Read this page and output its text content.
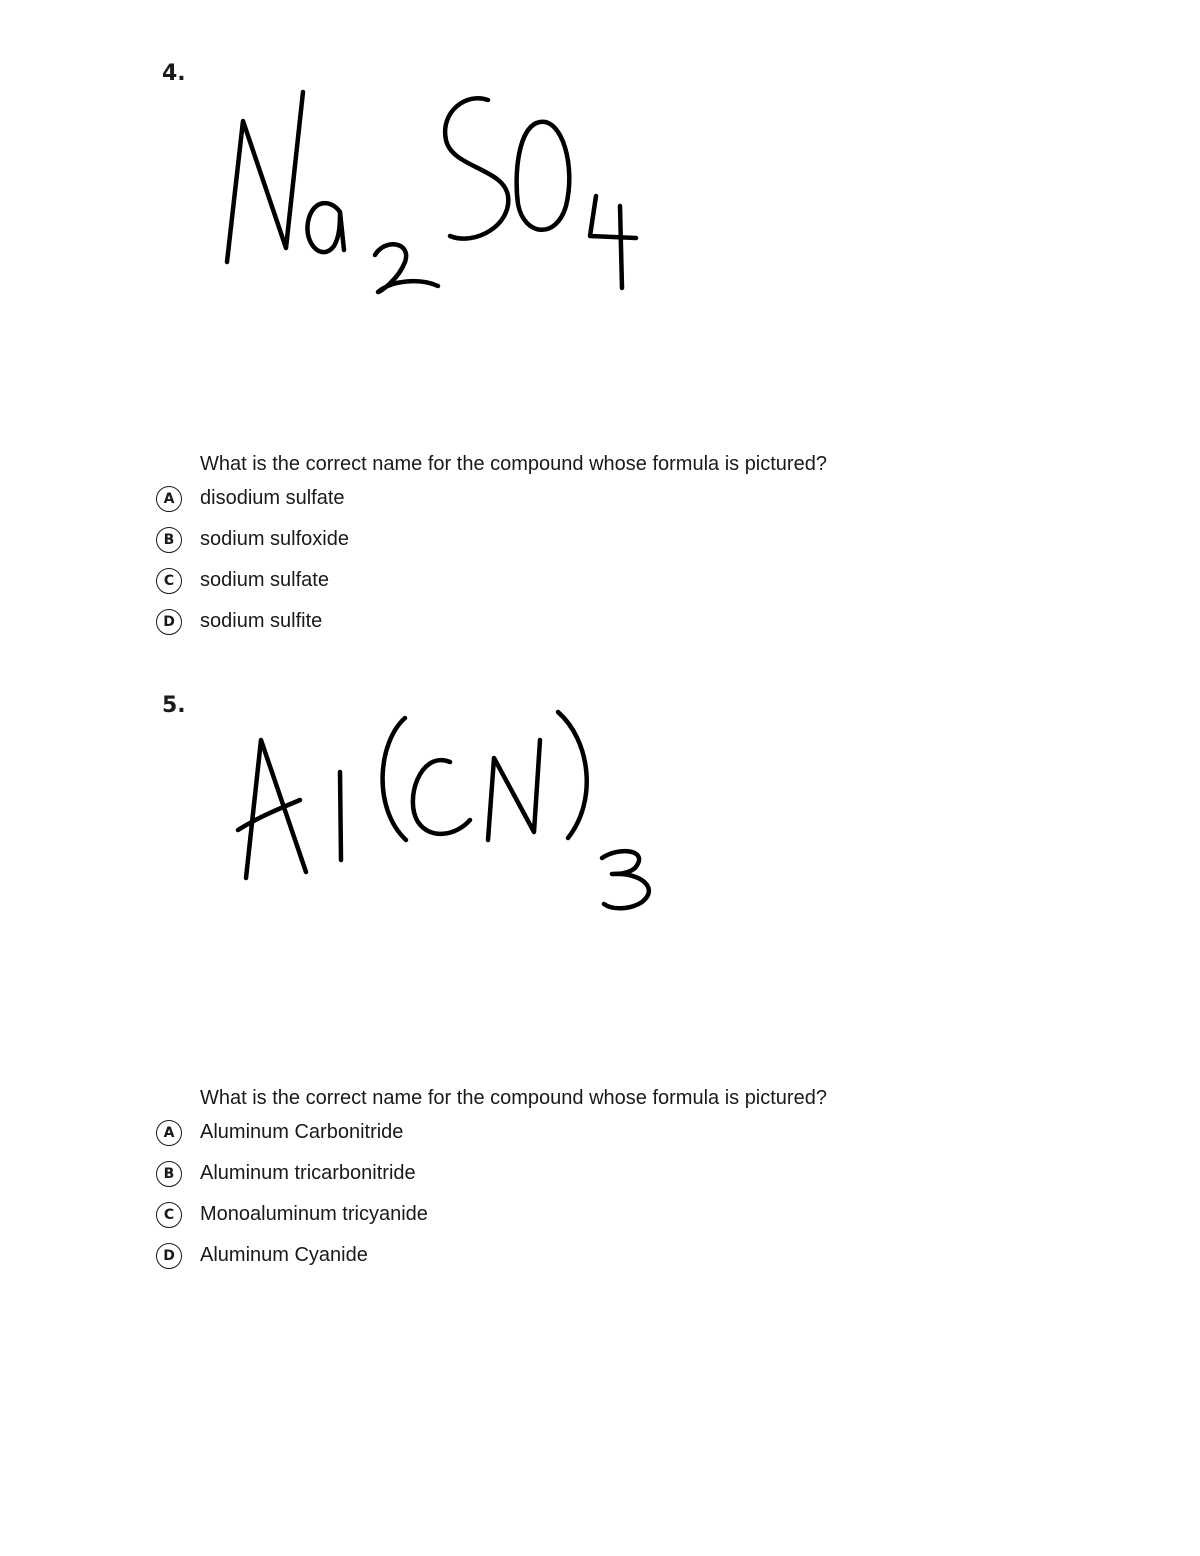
4.
What is the correct name for the compound whose formula is pictured?
A	disodium sulfate
B	sodium sulfoxide
C	sodium sulfate
D	sodium sulfite
5.
What is the correct name for the compound whose formula is pictured?
A	Aluminum Carbonitride
B	Aluminum tricarbonitride
C	Monoaluminum tricyanide
D	Aluminum Cyanide
